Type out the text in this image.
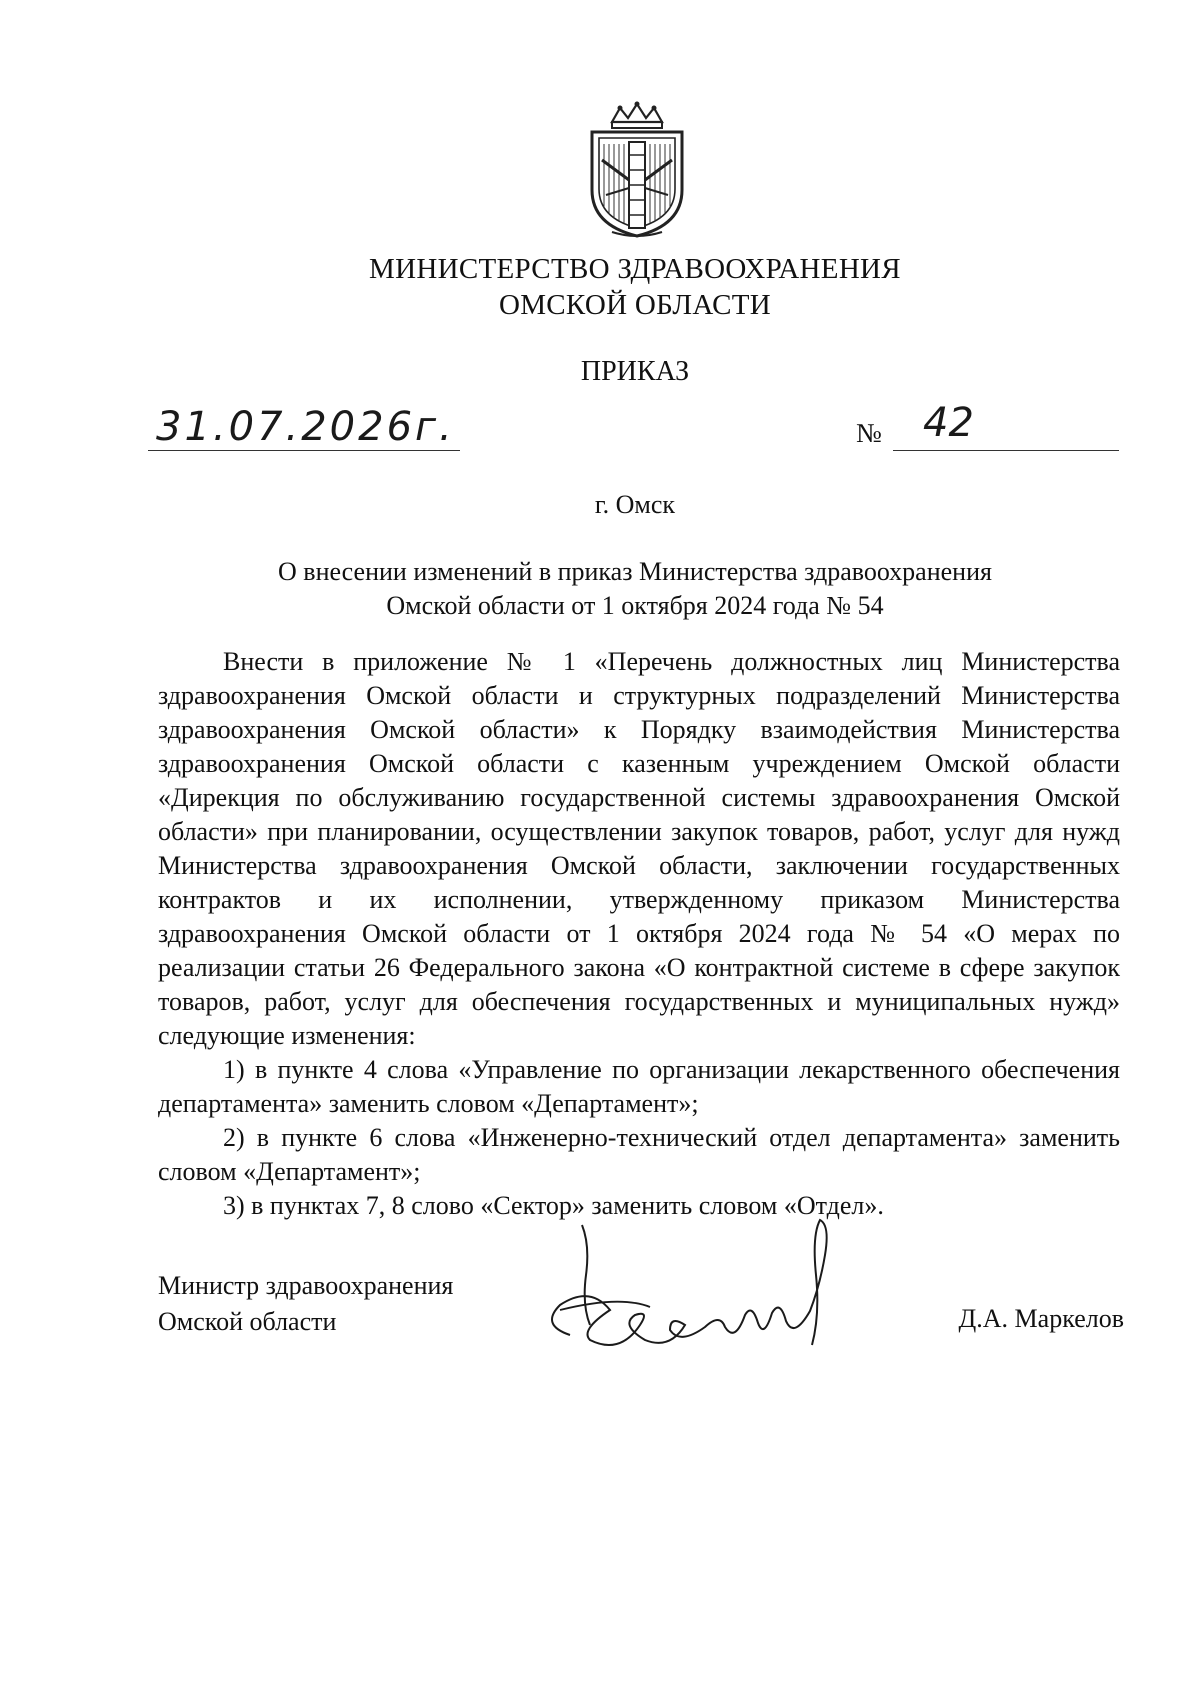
МИНИСТЕРСТВО ЗДРАВООХРАНЕНИЯ
ОМСКОЙ ОБЛАСТИ
ПРИКАЗ
31.07.2026г.	№ 42
г. Омск
О внесении изменений в приказ Министерства здравоохранения
Омской области от 1 октября 2024 года № 54

Внести в приложение № 1 «Перечень должностных лиц Министерства здравоохранения Омской области и структурных подразделений Министерства здравоохранения Омской области» к Порядку взаимодействия Министерства здравоохранения Омской области с казенным учреждением Омской области «Дирекция по обслуживанию государственной системы здравоохранения Омской области» при планировании, осуществлении закупок товаров, работ, услуг для нужд Министерства здравоохранения Омской области, заключении государственных контрактов и их исполнении, утвержденному приказом Министерства здравоохранения Омской области от 1 октября 2024 года № 54 «О мерах по реализации статьи 26 Федерального закона «О контрактной системе в сфере закупок товаров, работ, услуг для обеспечения государственных и муниципальных нужд» следующие изменения:

1) в пункте 4 слова «Управление по организации лекарственного обеспечения департамента» заменить словом «Департамент»;

2) в пункте 6 слова «Инженерно-технический отдел департамента» заменить словом «Департамент»;

3) в пунктах 7, 8 слово «Сектор» заменить словом «Отдел».

Министр здравоохранения
Омской области	Д.А. Маркелов
